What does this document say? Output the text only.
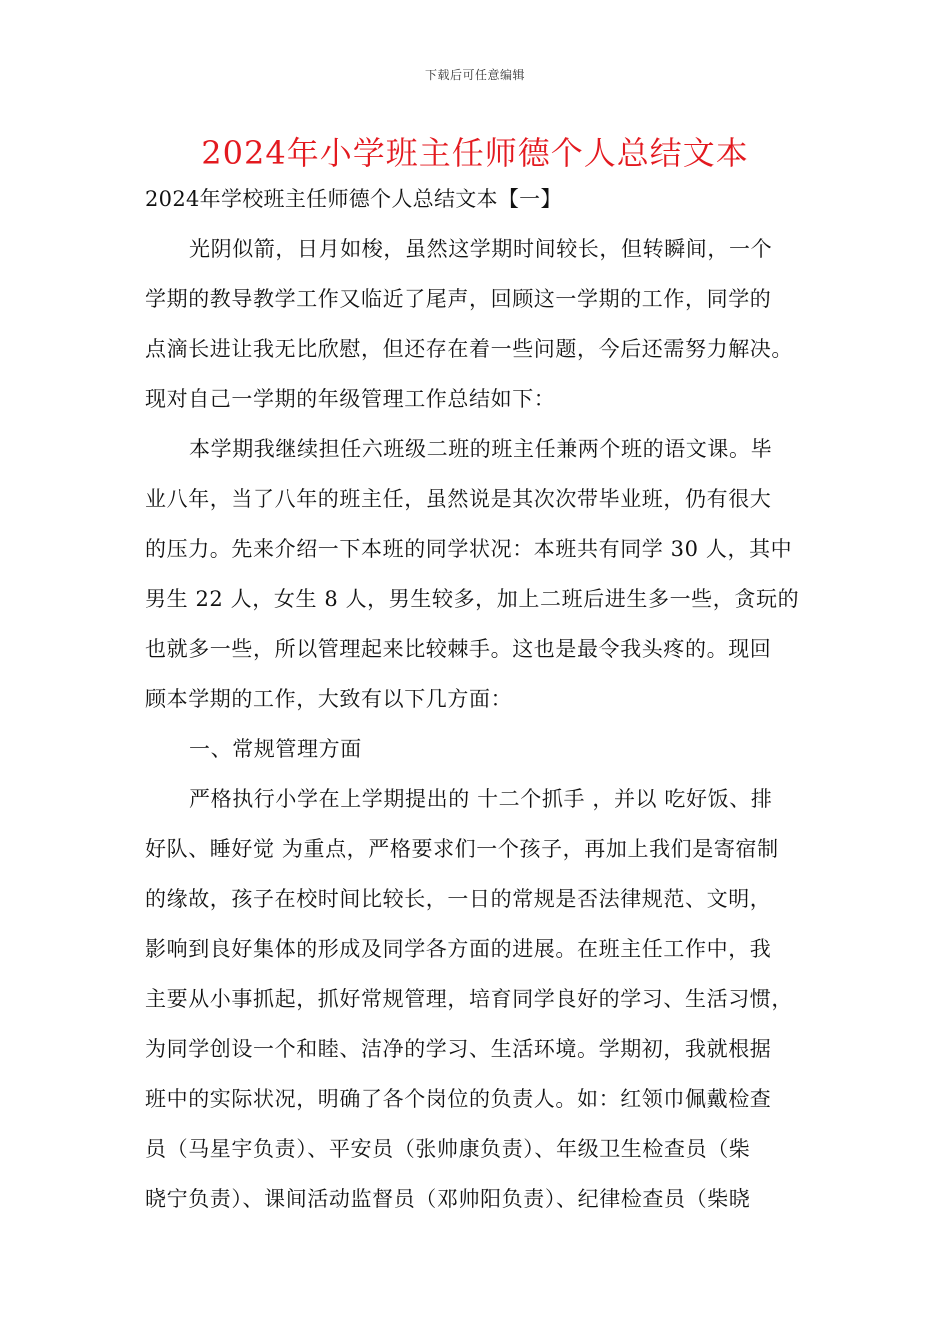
下载后可任意编辑
2024年小学班主任师德个人总结文本
2024年学校班主任师德个人总结文本【一】
光阴似箭，日月如梭，虽然这学期时间较长，但转瞬间，一个
学期的教导教学工作又临近了尾声，回顾这一学期的工作，同学的
点滴长进让我无比欣慰，但还存在着一些问题，今后还需努力解决。
现对自己一学期的年级管理工作总结如下：
本学期我继续担任六班级二班的班主任兼两个班的语文课。毕
业八年，当了八年的班主任，虽然说是其次次带毕业班，仍有很大
的压力。先来介绍一下本班的同学状况：本班共有同学 30 人，其中
男生 22 人，女生 8 人，男生较多，加上二班后进生多一些，贪玩的
也就多一些，所以管理起来比较棘手。这也是最令我头疼的。现回
顾本学期的工作，大致有以下几方面：
一、常规管理方面
严格执行小学在上学期提出的 十二个抓手 ，并以 吃好饭、排
好队、睡好觉 为重点，严格要求们一个孩子，再加上我们是寄宿制
的缘故，孩子在校时间比较长，一日的常规是否法律规范、文明，
影响到良好集体的形成及同学各方面的进展。在班主任工作中，我
主要从小事抓起，抓好常规管理，培育同学良好的学习、生活习惯，
为同学创设一个和睦、洁净的学习、生活环境。学期初，我就根据
班中的实际状况，明确了各个岗位的负责人。如：红领巾佩戴检查
员（马星宇负责）、平安员（张帅康负责）、年级卫生检查员（柴
晓宁负责）、课间活动监督员（邓帅阳负责）、纪律检查员（柴晓
